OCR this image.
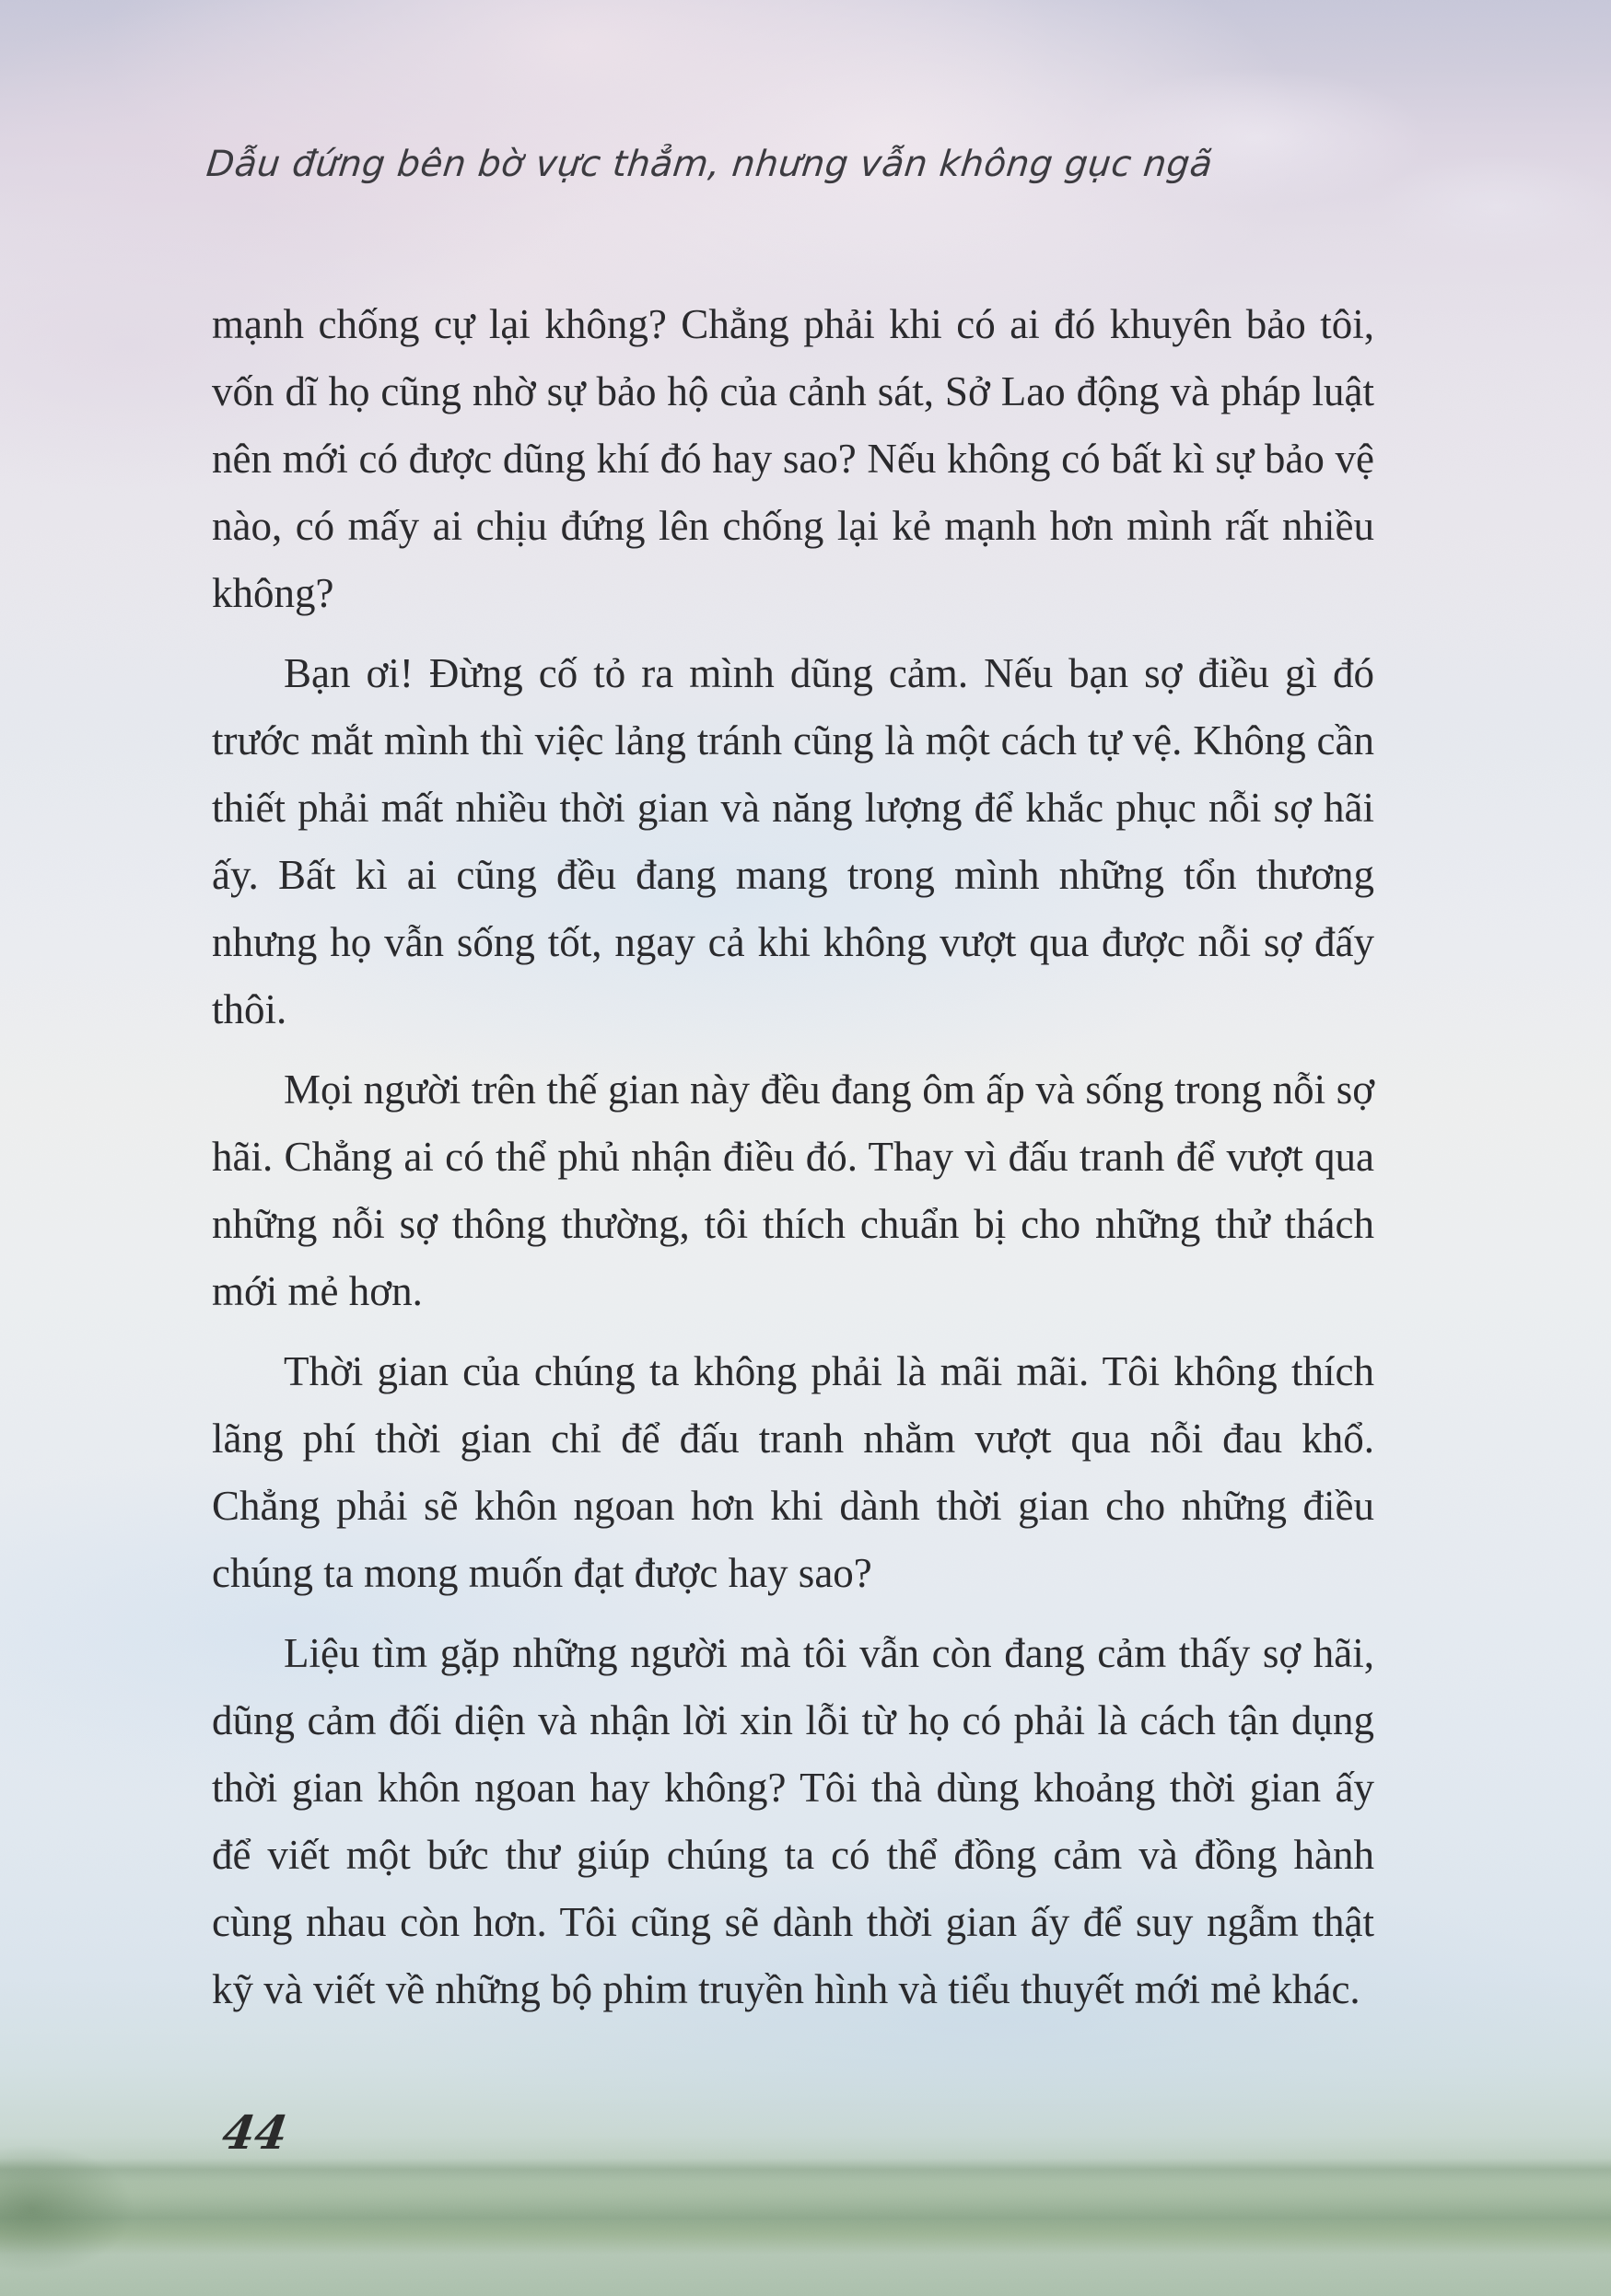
Dẫu đứng bên bờ vực thẳm, nhưng vẫn không gục ngã

mạnh chống cự lại không? Chẳng phải khi có ai đó khuyên bảo tôi, vốn dĩ họ cũng nhờ sự bảo hộ của cảnh sát, Sở Lao động và pháp luật nên mới có được dũng khí đó hay sao? Nếu không có bất kì sự bảo vệ nào, có mấy ai chịu đứng lên chống lại kẻ mạnh hơn mình rất nhiều không?

Bạn ơi! Đừng cố tỏ ra mình dũng cảm. Nếu bạn sợ điều gì đó trước mắt mình thì việc lảng tránh cũng là một cách tự vệ. Không cần thiết phải mất nhiều thời gian và năng lượng để khắc phục nỗi sợ hãi ấy. Bất kì ai cũng đều đang mang trong mình những tổn thương nhưng họ vẫn sống tốt, ngay cả khi không vượt qua được nỗi sợ đấy thôi.

Mọi người trên thế gian này đều đang ôm ấp và sống trong nỗi sợ hãi. Chẳng ai có thể phủ nhận điều đó. Thay vì đấu tranh để vượt qua những nỗi sợ thông thường, tôi thích chuẩn bị cho những thử thách mới mẻ hơn.

Thời gian của chúng ta không phải là mãi mãi. Tôi không thích lãng phí thời gian chỉ để đấu tranh nhằm vượt qua nỗi đau khổ. Chẳng phải sẽ khôn ngoan hơn khi dành thời gian cho những điều chúng ta mong muốn đạt được hay sao?

Liệu tìm gặp những người mà tôi vẫn còn đang cảm thấy sợ hãi, dũng cảm đối diện và nhận lời xin lỗi từ họ có phải là cách tận dụng thời gian khôn ngoan hay không? Tôi thà dùng khoảng thời gian ấy để viết một bức thư giúp chúng ta có thể đồng cảm và đồng hành cùng nhau còn hơn. Tôi cũng sẽ dành thời gian ấy để suy ngẫm thật kỹ và viết về những bộ phim truyền hình và tiểu thuyết mới mẻ khác.

44
